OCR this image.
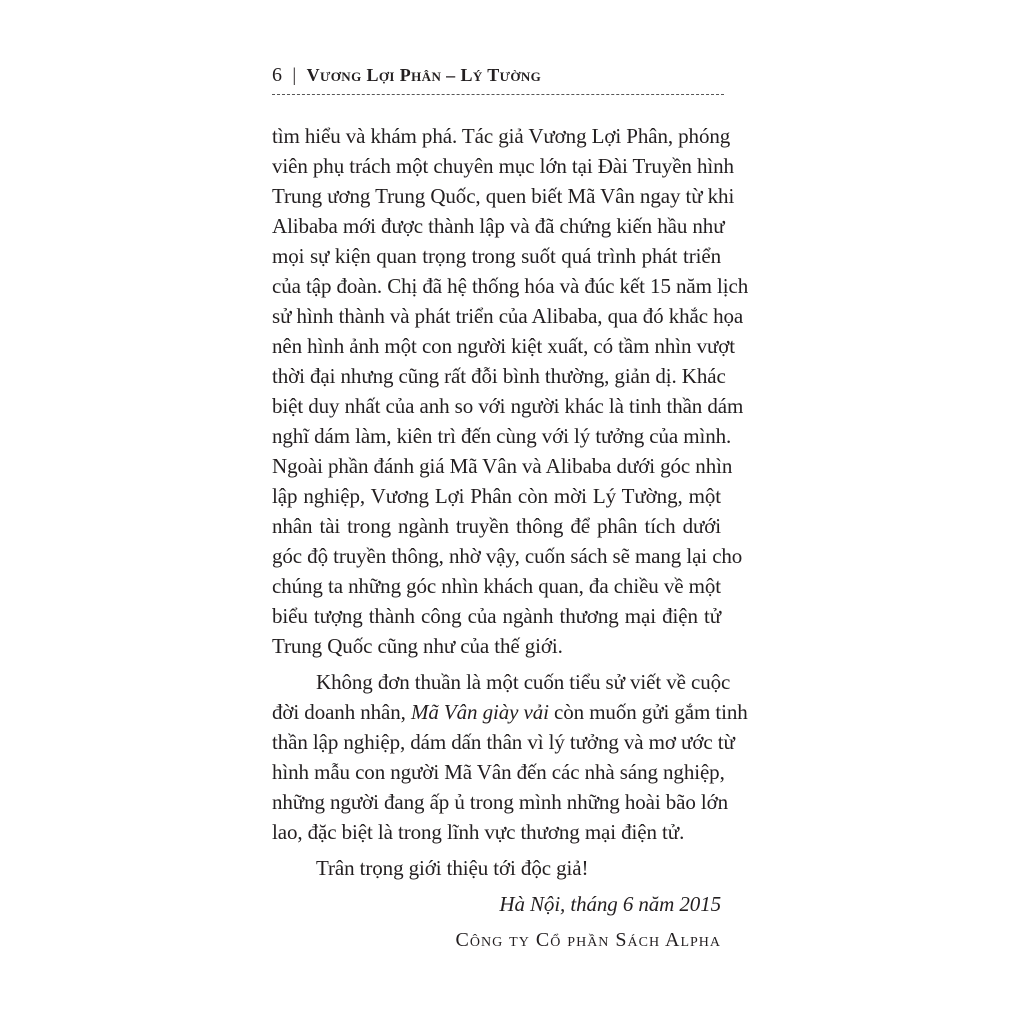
6 | Vương Lợi Phân – Lý Tường
tìm hiểu và khám phá. Tác giả Vương Lợi Phân, phóng
viên phụ trách một chuyên mục lớn tại Đài Truyền hình
Trung ương Trung Quốc, quen biết Mã Vân ngay từ khi
Alibaba mới được thành lập và đã chứng kiến hầu như
mọi sự kiện quan trọng trong suốt quá trình phát triển
của tập đoàn. Chị đã hệ thống hóa và đúc kết 15 năm lịch
sử hình thành và phát triển của Alibaba, qua đó khắc họa
nên hình ảnh một con người kiệt xuất, có tầm nhìn vượt
thời đại nhưng cũng rất đỗi bình thường, giản dị. Khác
biệt duy nhất của anh so với người khác là tinh thần dám
nghĩ dám làm, kiên trì đến cùng với lý tưởng của mình.
Ngoài phần đánh giá Mã Vân và Alibaba dưới góc nhìn
lập nghiệp, Vương Lợi Phân còn mời Lý Tường, một
nhân tài trong ngành truyền thông để phân tích dưới
góc độ truyền thông, nhờ vậy, cuốn sách sẽ mang lại cho
chúng ta những góc nhìn khách quan, đa chiều về một
biểu tượng thành công của ngành thương mại điện tử
Trung Quốc cũng như của thế giới.
Không đơn thuần là một cuốn tiểu sử viết về cuộc
đời doanh nhân, Mã Vân giày vải còn muốn gửi gắm tinh
thần lập nghiệp, dám dấn thân vì lý tưởng và mơ ước từ
hình mẫu con người Mã Vân đến các nhà sáng nghiệp,
những người đang ấp ủ trong mình những hoài bão lớn
lao, đặc biệt là trong lĩnh vực thương mại điện tử.
Trân trọng giới thiệu tới độc giả!
Hà Nội, tháng 6 năm 2015
Công ty Cổ phần Sách Alpha
